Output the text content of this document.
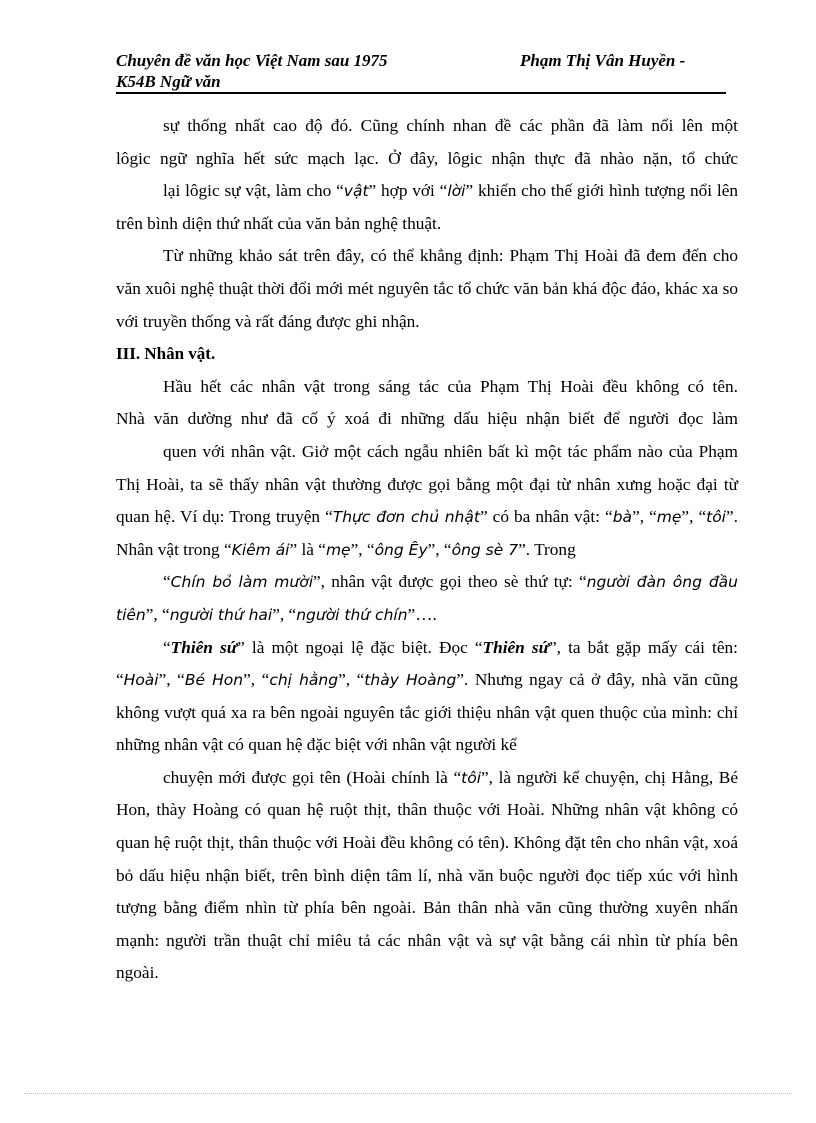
Chuyên đề văn học Việt Nam sau 1975	Phạm Thị Vân Huyền -
K54B Ngữ văn

sự thống nhất cao độ đó. Cũng chính nhan đề các phần đã làm nổi lên một

lôgic ngữ nghĩa hết sức mạch lạc. Ở đây, lôgic nhận thực đã nhào nặn, tổ chức

lại lôgic sự vật, làm cho “vật” hợp với “lời” khiến cho thế giới hình tượng nổi lên trên bình diện thứ nhất của văn bản nghệ thuật.

Từ những khảo sát trên đây, có thể khẳng định: Phạm Thị Hoài đã đem đến cho văn xuôi nghệ thuật thời đổi mới mét nguyên tắc tổ chức văn bản khá độc đáo, khác xa so với truyền thống và rất đáng được ghi nhận.

III. Nhân vật.

Hầu hết các nhân vật trong sáng tác của Phạm Thị Hoài đều không có tên.

Nhà văn dường như đã cố ý xoá đi những dấu hiệu nhận biết để người đọc làm

quen với nhân vật. Giở một cách ngẫu nhiên bất kì một tác phẩm nào của Phạm Thị Hoài, ta sẽ thấy nhân vật thường được gọi bằng một đại từ nhân xưng hoặc đại từ quan hệ. Ví dụ: Trong truyện “Thực đơn chủ nhật” có ba nhân vật: “bà”, “mẹ”, “tôi”. Nhân vật trong “Kiêm ái” là “mẹ”, “ông Êy”, “ông sè 7”. Trong

“Chín bỏ làm mười”, nhân vật được gọi theo sè thứ tự: “người đàn ông đầu tiên”, “người thứ hai”, “người thứ chín”….

“Thiên sứ” là một ngoại lệ đặc biệt. Đọc “Thiên sứ”, ta bắt gặp mấy cái tên: “Hoài”, “Bé Hon”, “chị hằng”, “thày Hoàng”. Nhưng ngay cả ở đây, nhà văn cũng không vượt quá xa ra bên ngoài nguyên tắc giới thiệu nhân vật quen thuộc của mình: chỉ những nhân vật có quan hệ đặc biệt với nhân vật người kể

chuyện mới được gọi tên (Hoài chính là “tôi”, là người kể chuyện, chị Hằng, Bé Hon, thày Hoàng có quan hệ ruột thịt, thân thuộc với Hoài. Những nhân vật không có quan hệ ruột thịt, thân thuộc với Hoài đều không có tên). Không đặt tên cho nhân vật, xoá bỏ dấu hiệu nhận biết, trên bình diện tâm lí, nhà văn buộc người đọc tiếp xúc với hình tượng bằng điểm nhìn từ phía bên ngoài. Bản thân nhà văn cũng thường xuyên nhấn mạnh: người trần thuật chỉ miêu tả các nhân vật và sự vật bằng cái nhìn từ phía bên ngoài.
